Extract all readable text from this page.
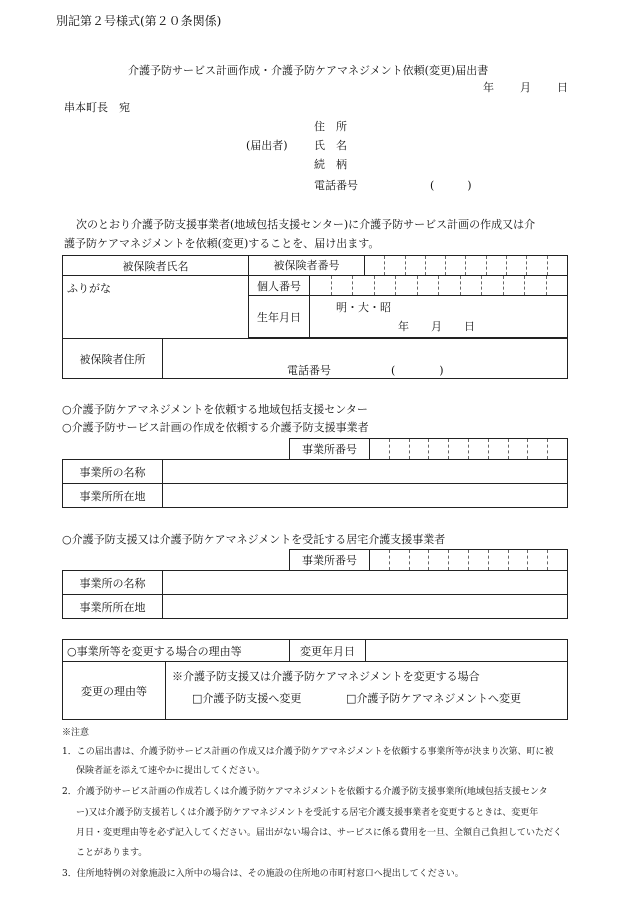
別記第２号様式(第２０条関係)
介護予防サービス計画作成・介護予防ケアマネジメント依頼(変更)届出書
年 月 日
串本町長　宛
(届出者)
住　所
氏　名
続　柄
電話番号	(　　　)
次のとおり介護予防支援事業者(地域包括支援センター)に介護予防サービス計画の作成又は介
護予防ケアマネジメントを依頼(変更)することを、届け出ます。
被保険者氏名		被保険者番号	

ふりがな		個人番号	

		生年月日	明・大・昭
年　　月　　日

被保険者住所	電話番号 (　　　　)		
○介護予防ケアマネジメントを依頼する地域包括支援センター
○介護予防サービス計画の作成を依頼する介護予防支援事業者
		事業所番号	

事業所の名称			
事業所所在地			
○介護予防支援又は介護予防ケアマネジメントを受託する居宅介護支援事業者
		事業所番号	

事業所の名称			
事業所所在地			
○事業所等を変更する場合の理由等		変更年月日	
変更の理由等	※介護予防支援又は介護予防ケアマネジメントを変更する場合
□介護予防支援へ変更 □介護予防ケアマネジメントへ変更		
※注意
1．この届出書は、介護予防サービス計画の作成又は介護予防ケアマネジメントを依頼する事業所等が決まり次第、町に被
保険者証を添えて速やかに提出してください。
2．介護予防サービス計画の作成若しくは介護予防ケアマネジメントを依頼する介護予防支援事業所(地域包括支援センタ
ー)又は介護予防支援若しくは介護予防ケアマネジメントを受託する居宅介護支援事業者を変更するときは、変更年
月日・変更理由等を必ず記入してください。届出がない場合は、サービスに係る費用を一旦、全額自己負担していただく
ことがあります。
3．住所地特例の対象施設に入所中の場合は、その施設の住所地の市町村窓口へ提出してください。
